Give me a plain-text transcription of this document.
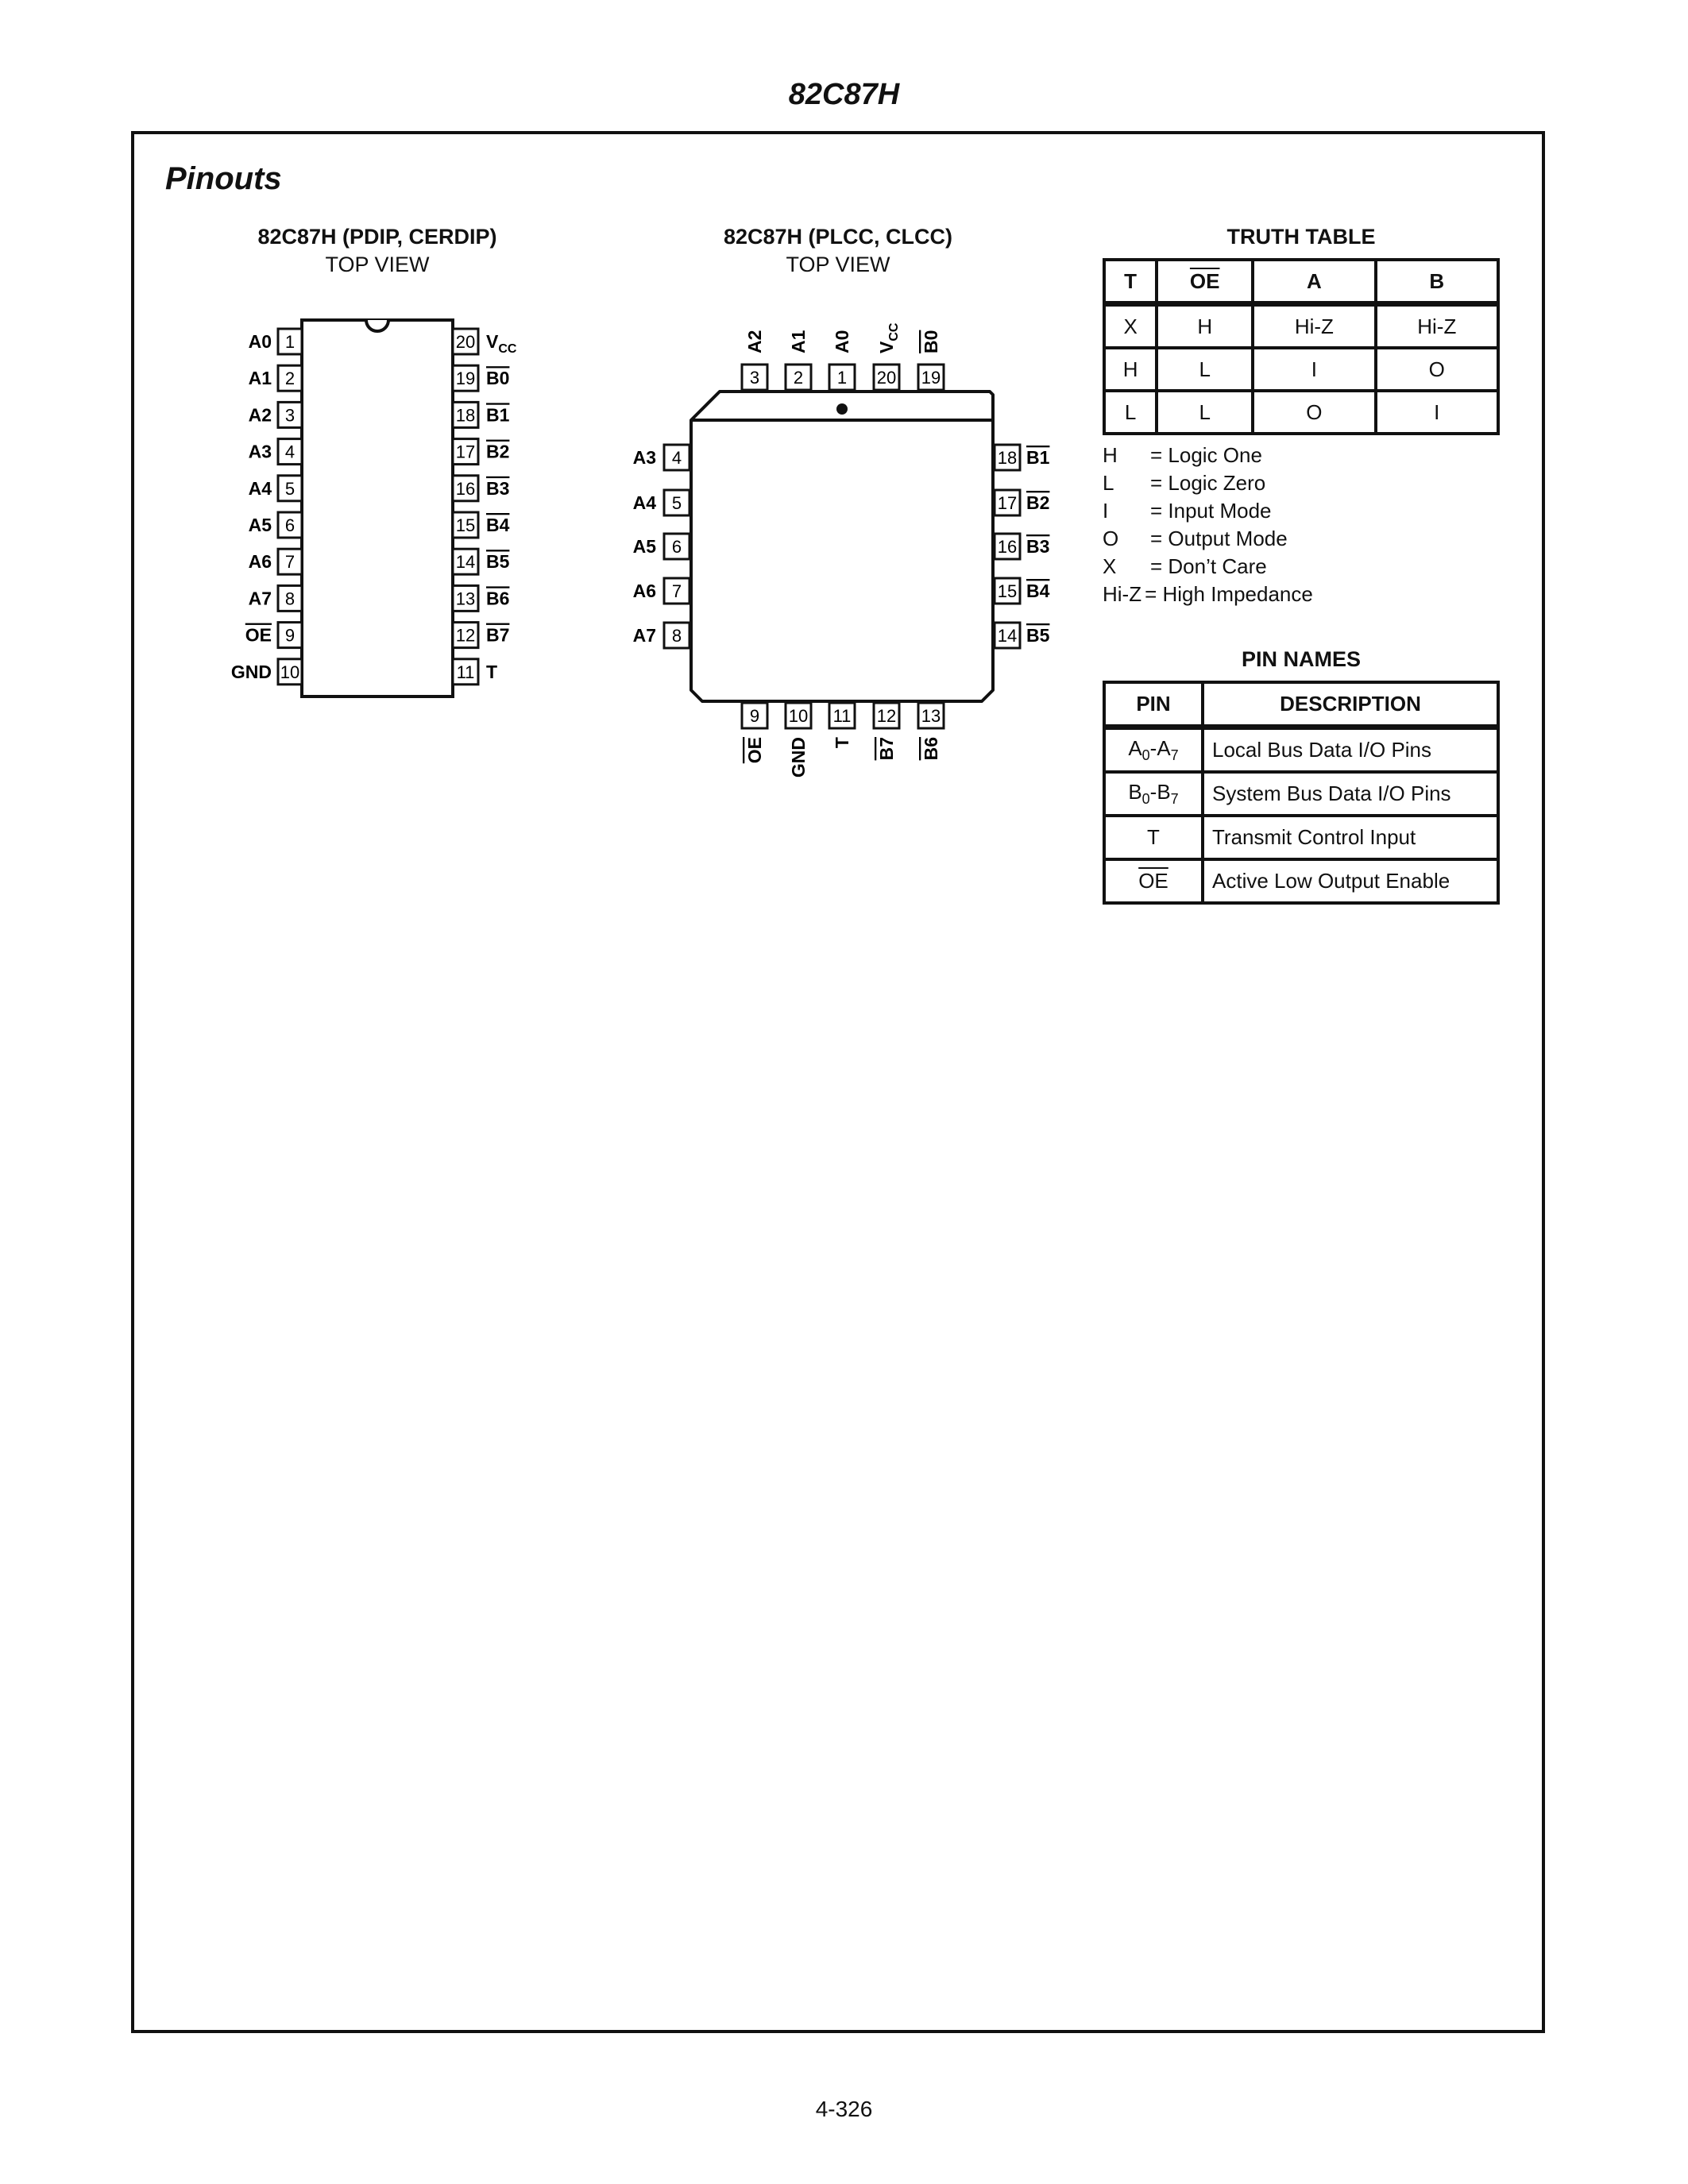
82C87H
Pinouts
82C87H (PDIP, CERDIP)
TOP VIEW
1
A0
2
A1
3
A2
4
A3
5
A4
6
A5
7
A6
8
A7
9
OE
10
GND
20 $V_{CC}$
19 B0
18 B1
17 B2
16 B3
15 B4
14 B5
13 B6
12 B7
11 T
82C87H (PLCC, CLCC)
TOP VIEW
3
A2
2
A1
1
A0
20
$V_{CC}$
19
B0
9
OE
10
GND
11
T
12
B7
13
B6
4
A3
5
A4
6
A5
7
A6
8
A7
18 B1
17 B2
16 B3
15 B4
14 B5
TRUTH TABLE
T	$\overline{OE}$	A	B
X	H	Hi-Z	Hi-Z
H	L	I	O
L	L	O	I
H = Logic One
L = Logic Zero
I = Input Mode
O = Output Mode
X = Don’t Care
Hi-Z = High Impedance
PIN NAMES
PIN	DESCRIPTION
$A_0-A_7$	Local Bus Data I/O Pins
$B_0-B_7$	System Bus Data I/O Pins
T	Transmit Control Input
$\overline{OE}$	Active Low Output Enable
4-326
